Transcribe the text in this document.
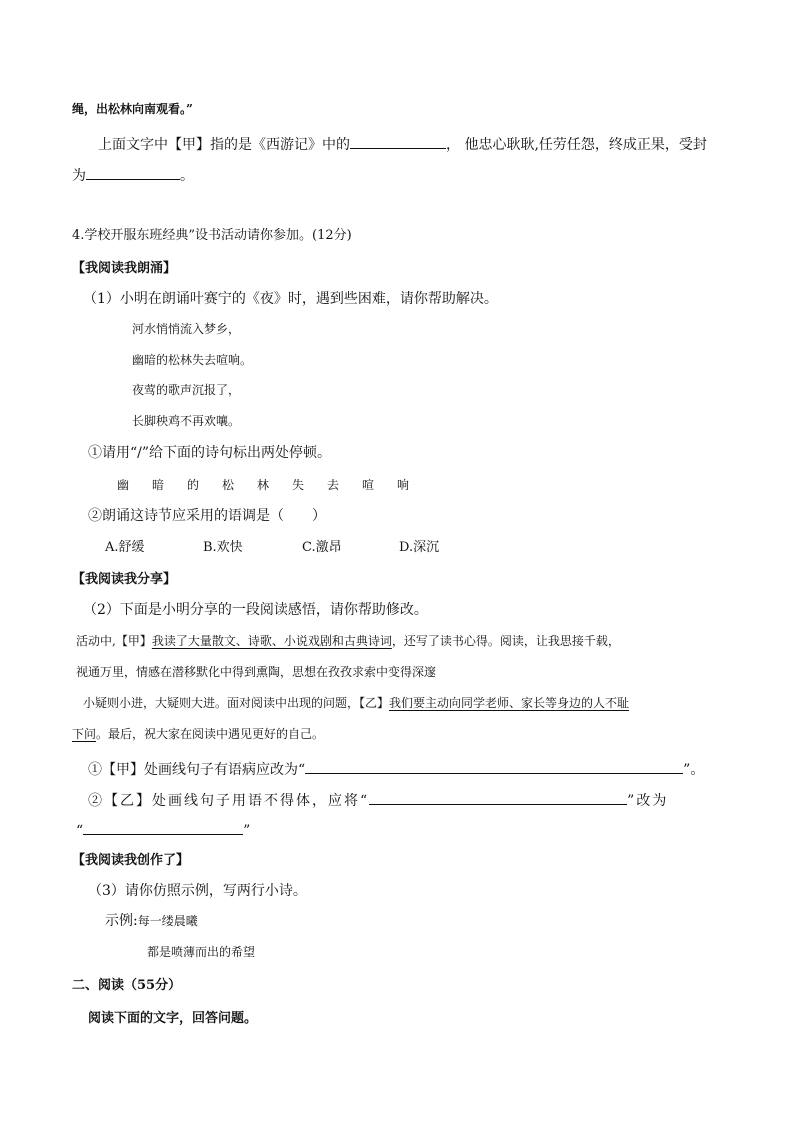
绳，出松林向南观看。”
上面文字中【甲】指的是《西游记》中的	， 他忠心耿耿,任劳任怨，终成正果，受封
为	。
4.学校开服东班经典”设书活动请你参加。(12分)
【我阅读我朗涌】
（1）小明在朗诵叶赛宁的《夜》时，遇到些困难，请你帮助解决。
河水悄悄流入梦乡，
幽暗的松林失去喧响。
夜莺的歌声沉报了，
长脚秧鸡不再欢嚷。
①请用“/”给下面的诗句标出两处停顿。
幽 暗 的 松 林 失 去 喧 响
②朗诵这诗节应采用的语调是（　　）
A.舒缓	B.欢快	C.激昂	D.深沉
【我阅读我分享】
（2）下面是小明分享的一段阅读感悟，请你帮助修改。
活动中,【甲】我读了大量散文、诗歌、小说戏剧和古典诗词，还写了读书心得。阅读，让我思接千载，
视通万里，情感在潜移默化中得到熏陶，思想在孜孜求索中变得深邃
小疑则小进，大疑则大进。面对阅读中出现的问题，【乙】我们要主动向同学老师、家长等身边的人不耻
下问。最后，祝大家在阅读中遇见更好的自己。
①【甲】处画线句子有语病应改为“	”。
②【乙】处画线句子用语不得体，应将“	”改为
“	”
【我阅读我创作了】
（3）请你仿照示例，写两行小诗。
示例:每一缕晨曦
都是喷薄而出的希望
二、阅读（55分）
阅读下面的文字，回答问题。
